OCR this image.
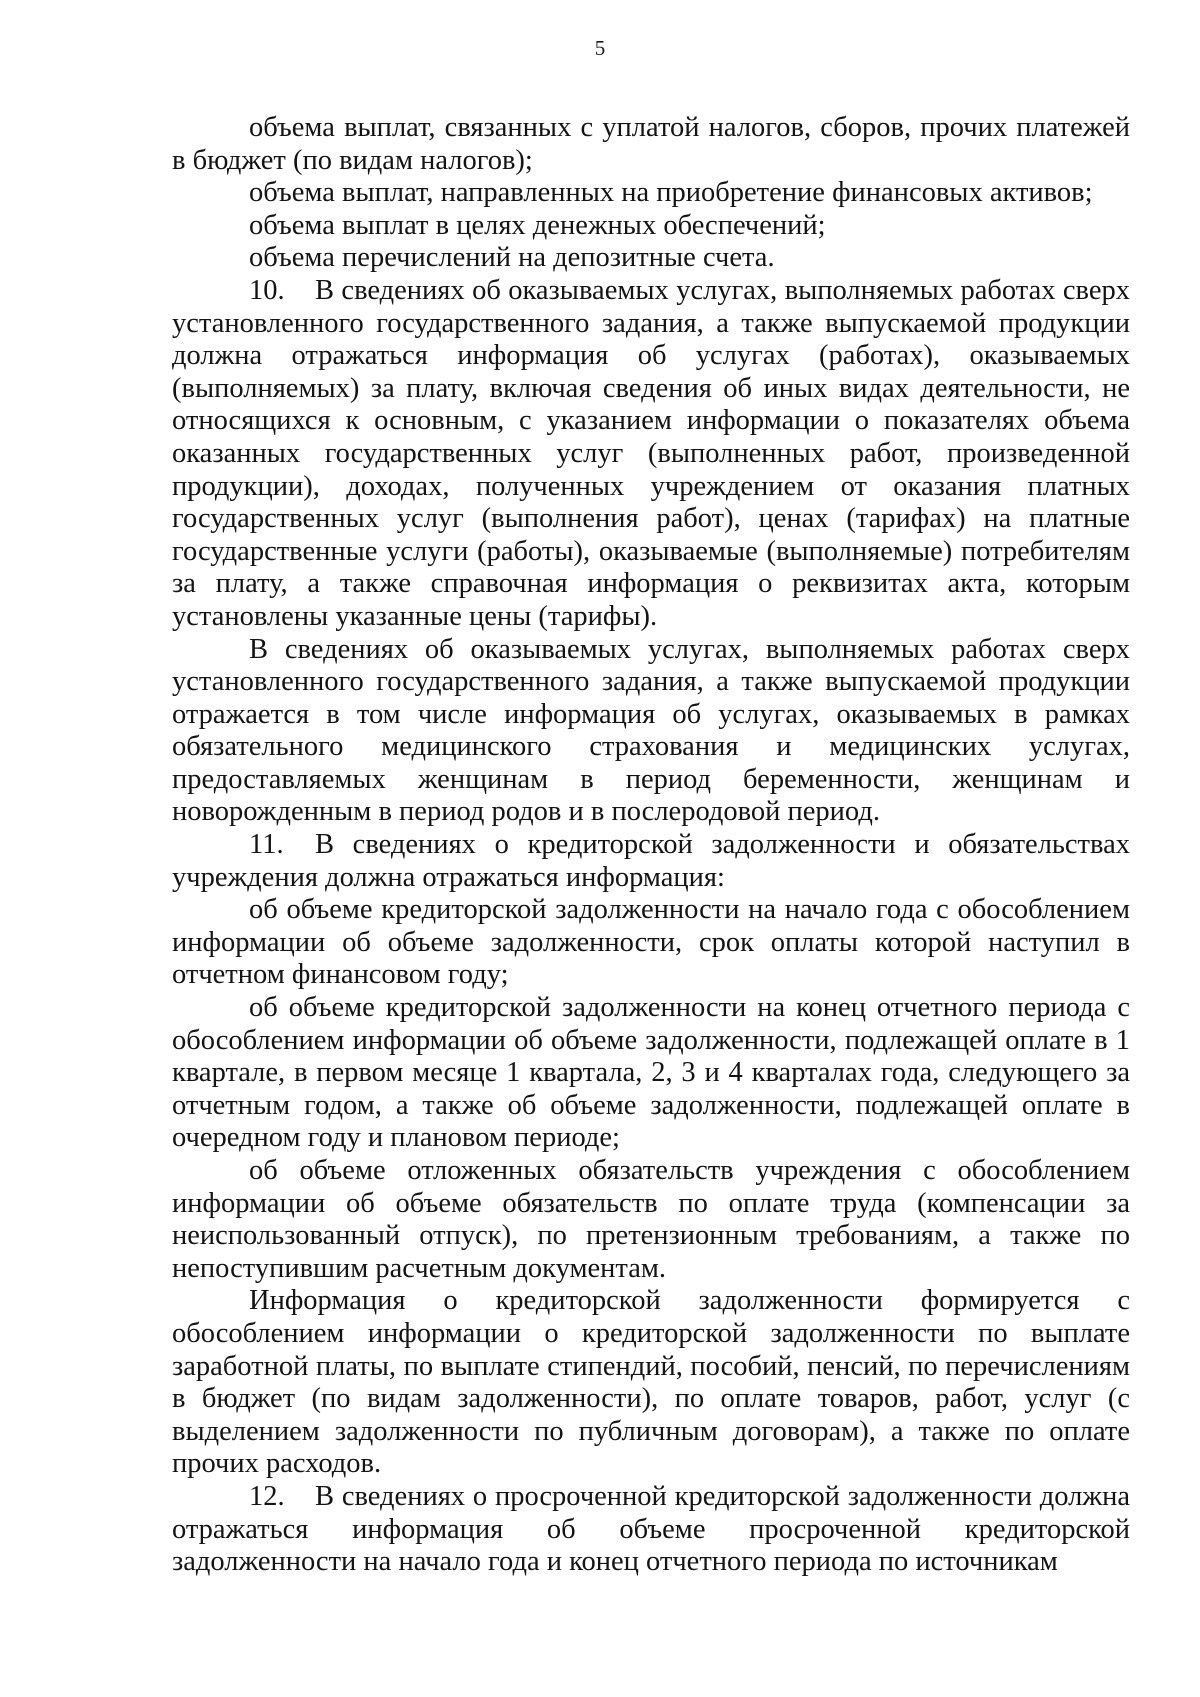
5

объема выплат, связанных с уплатой налогов, сборов, прочих платежей в бюджет (по видам налогов);

объема выплат, направленных на приобретение финансовых активов;

объема выплат в целях денежных обеспечений;

объема перечислений на депозитные счета.

10. В сведениях об оказываемых услугах, выполняемых работах сверх установленного государственного задания, а также выпускаемой продукции должна отражаться информация об услугах (работах), оказываемых (выполняемых) за плату, включая сведения об иных видах деятельности, не относящихся к основным, с указанием информации о показателях объема оказанных государственных услуг (выполненных работ, произведенной продукции), доходах, полученных учреждением от оказания платных государственных услуг (выполнения работ), ценах (тарифах) на платные государственные услуги (работы), оказываемые (выполняемые) потребителям за плату, а также справочная информация о реквизитах акта, которым установлены указанные цены (тарифы).

В сведениях об оказываемых услугах, выполняемых работах сверх установленного государственного задания, а также выпускаемой продукции отражается в том числе информация об услугах, оказываемых в рамках обязательного медицинского страхования и медицинских услугах, предоставляемых женщинам в период беременности, женщинам и новорожденным в период родов и в послеродовой период.

11. В сведениях о кредиторской задолженности и обязательствах учреждения должна отражаться информация:

об объеме кредиторской задолженности на начало года с обособлением информации об объеме задолженности, срок оплаты которой наступил в отчетном финансовом году;

об объеме кредиторской задолженности на конец отчетного периода с обособлением информации об объеме задолженности, подлежащей оплате в 1 квартале, в первом месяце 1 квартала, 2, 3 и 4 кварталах года, следующего за отчетным годом, а также об объеме задолженности, подлежащей оплате в очередном году и плановом периоде;

об объеме отложенных обязательств учреждения с обособлением информации об объеме обязательств по оплате труда (компенсации за неиспользованный отпуск), по претензионным требованиям, а также по непоступившим расчетным документам.

Информация о кредиторской задолженности формируется с обособлением информации о кредиторской задолженности по выплате заработной платы, по выплате стипендий, пособий, пенсий, по перечислениям в бюджет (по видам задолженности), по оплате товаров, работ, услуг (с выделением задолженности по публичным договорам), а также по оплате прочих расходов.

12. В сведениях о просроченной кредиторской задолженности должна отражаться информация об объеме просроченной кредиторской задолженности на начало года и конец отчетного периода по источникам
